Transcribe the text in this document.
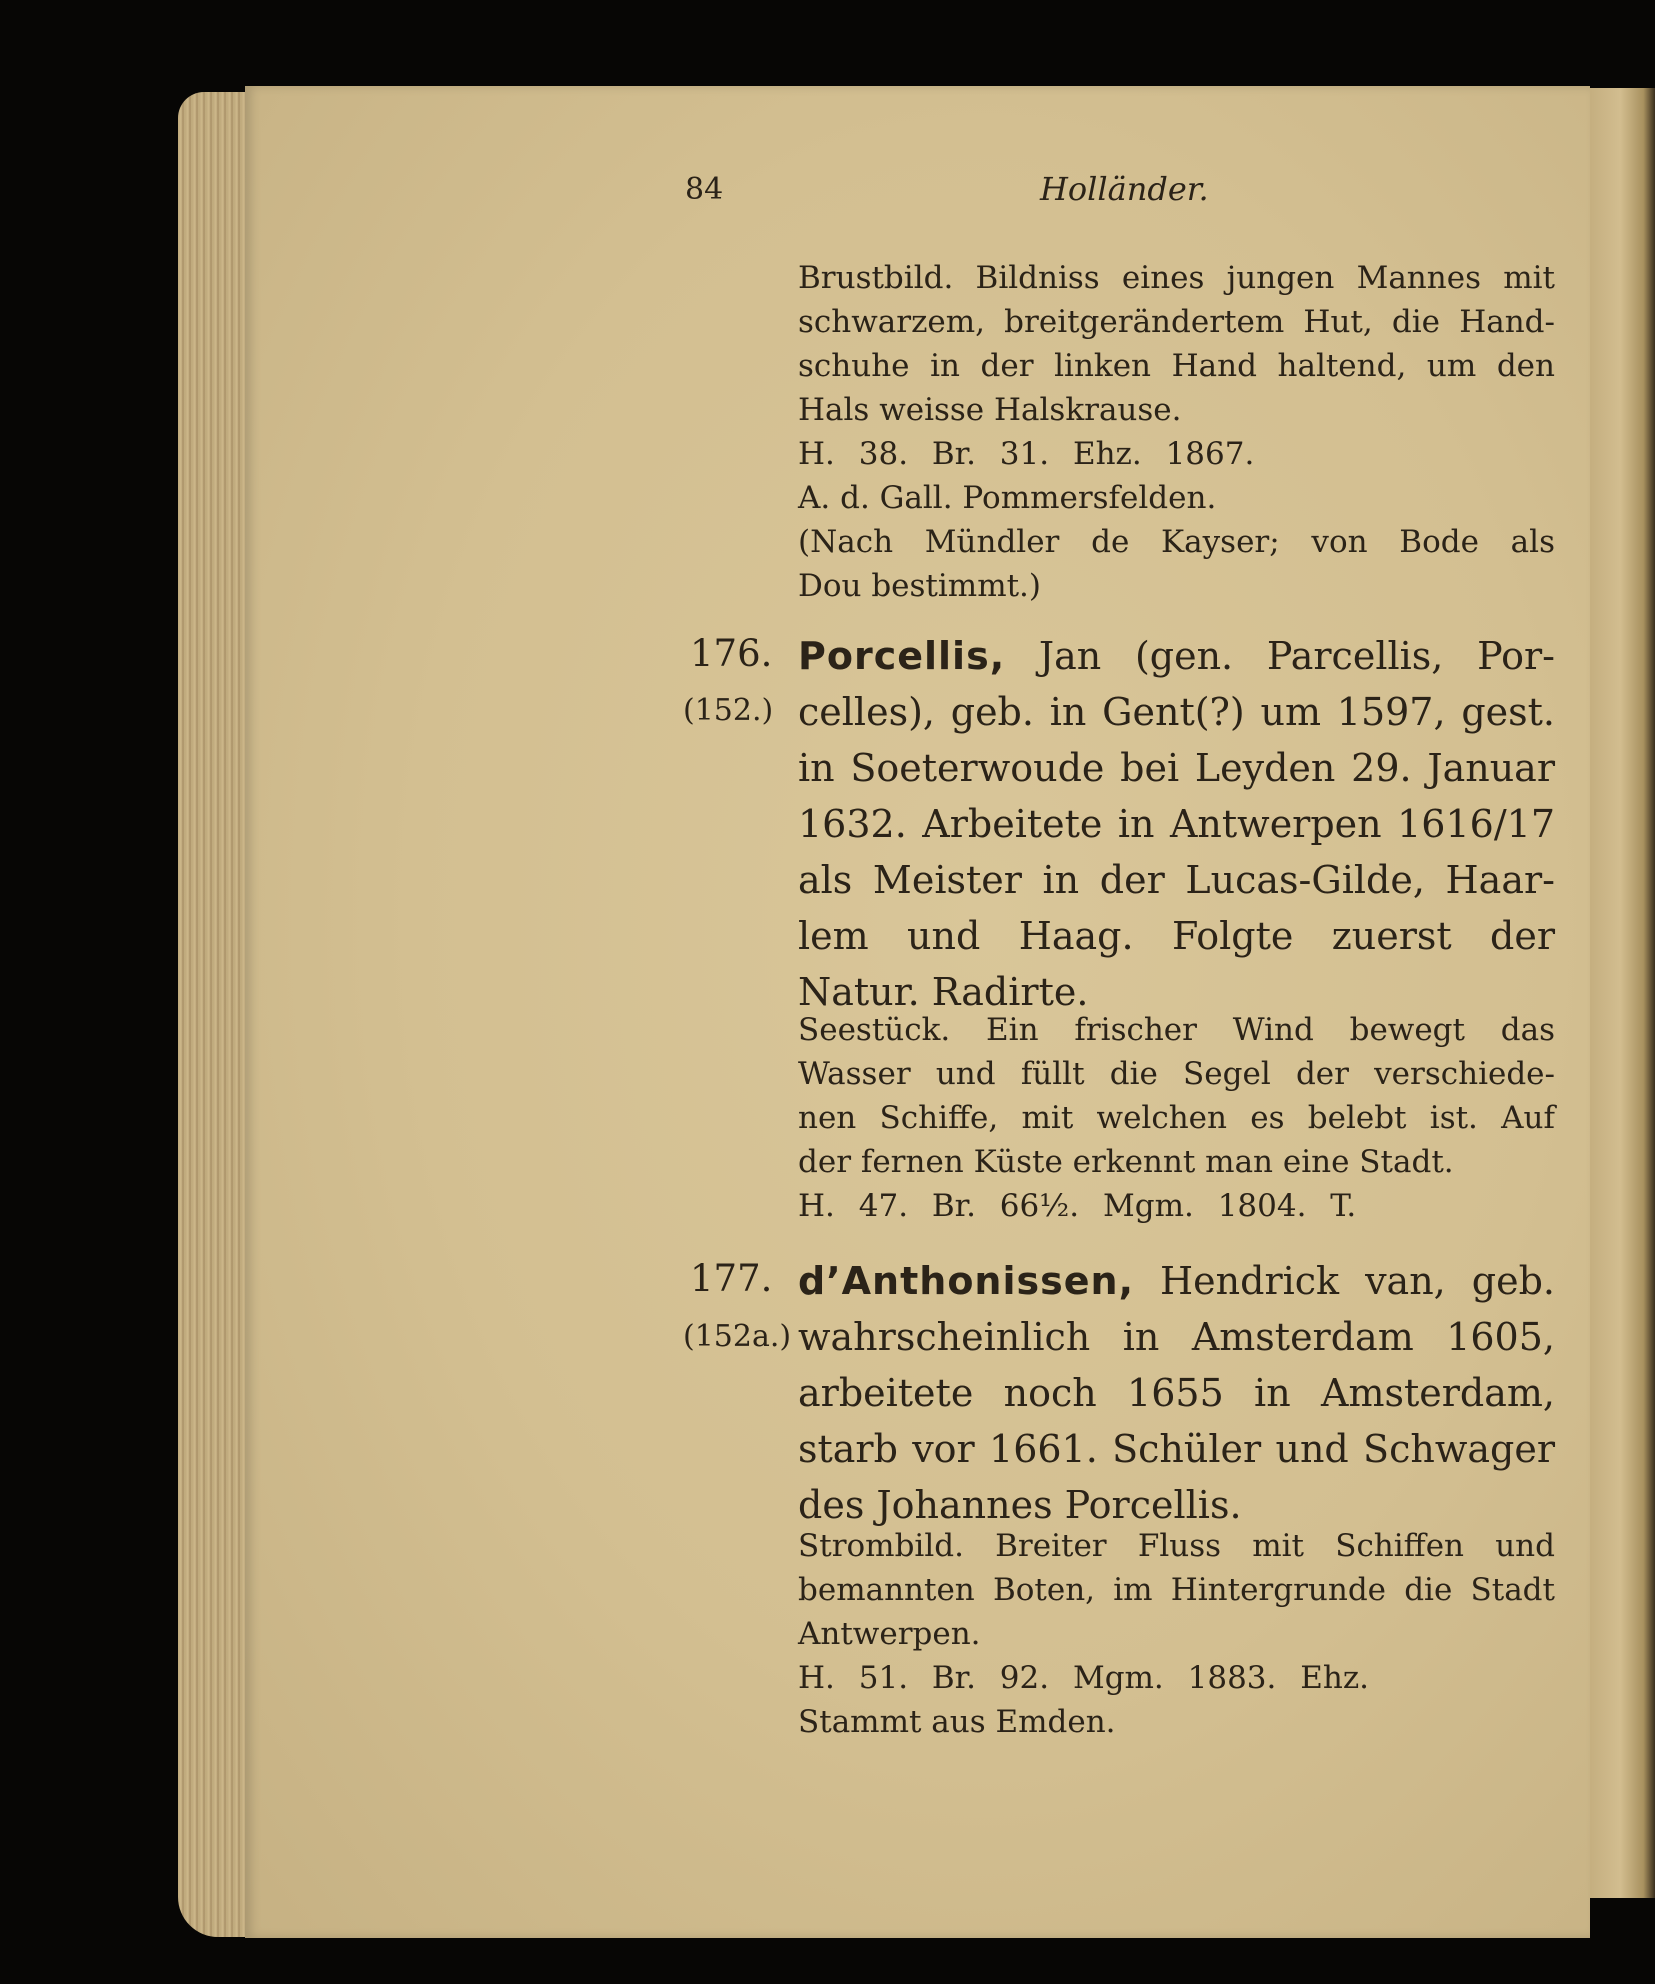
84	Holländer.
Brustbild. Bildniss eines jungen Mannes mit
schwarzem, breitgerändertem Hut, die Hand-
schuhe in der linken Hand haltend, um den
Hals weisse Halskrause.
H. 38. Br. 31. Ehz. 1867.
A. d. Gall. Pommersfelden.
(Nach Mündler de Kayser; von Bode als
Dou bestimmt.)
176.
(152.)
Porcellis, Jan (gen. Parcellis, Por-
celles), geb. in Gent(?) um 1597, gest.
in Soeterwoude bei Leyden 29. Januar
1632. Arbeitete in Antwerpen 1616/17
als Meister in der Lucas-Gilde, Haar-
lem und Haag. Folgte zuerst der
Natur. Radirte.
Seestück. Ein frischer Wind bewegt das
Wasser und füllt die Segel der verschiede-
nen Schiffe, mit welchen es belebt ist. Auf
der fernen Küste erkennt man eine Stadt.
H. 47. Br. 66½. Mgm. 1804. T.
177.
(152a.)
d’Anthonissen, Hendrick van, geb.
wahrscheinlich in Amsterdam 1605,
arbeitete noch 1655 in Amsterdam,
starb vor 1661. Schüler und Schwager
des Johannes Porcellis.
Strombild. Breiter Fluss mit Schiffen und
bemannten Boten, im Hintergrunde die Stadt
Antwerpen.
H. 51. Br. 92. Mgm. 1883. Ehz.
Stammt aus Emden.
